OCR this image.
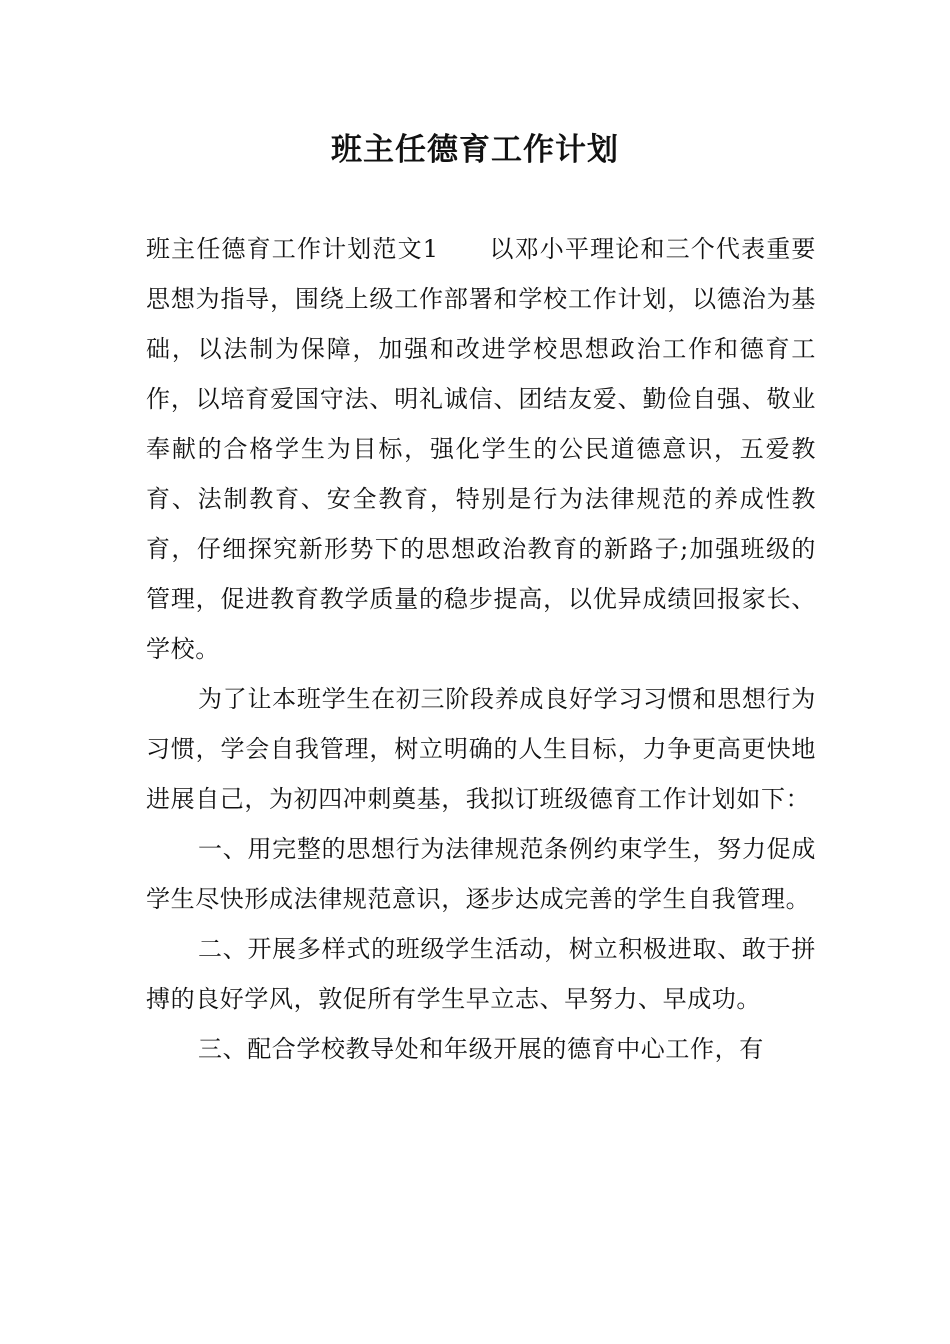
班主任德育工作计划

班主任德育工作计划范文1　　以邓小平理论和三个代表重要思想为指导，围绕上级工作部署和学校工作计划，以德治为基础，以法制为保障，加强和改进学校思想政治工作和德育工作，以培育爱国守法、明礼诚信、团结友爱、勤俭自强、敬业奉献的合格学生为目标，强化学生的公民道德意识，五爱教育、法制教育、安全教育，特别是行为法律规范的养成性教育，仔细探究新形势下的思想政治教育的新路子;加强班级的管理，促进教育教学质量的稳步提高，以优异成绩回报家长、学校。

为了让本班学生在初三阶段养成良好学习习惯和思想行为习惯，学会自我管理，树立明确的人生目标，力争更高更快地进展自己，为初四冲刺奠基，我拟订班级德育工作计划如下：

一、用完整的思想行为法律规范条例约束学生，努力促成学生尽快形成法律规范意识，逐步达成完善的学生自我管理。

二、开展多样式的班级学生活动，树立积极进取、敢于拼搏的良好学风，敦促所有学生早立志、早努力、早成功。

三、配合学校教导处和年级开展的德育中心工作，有
